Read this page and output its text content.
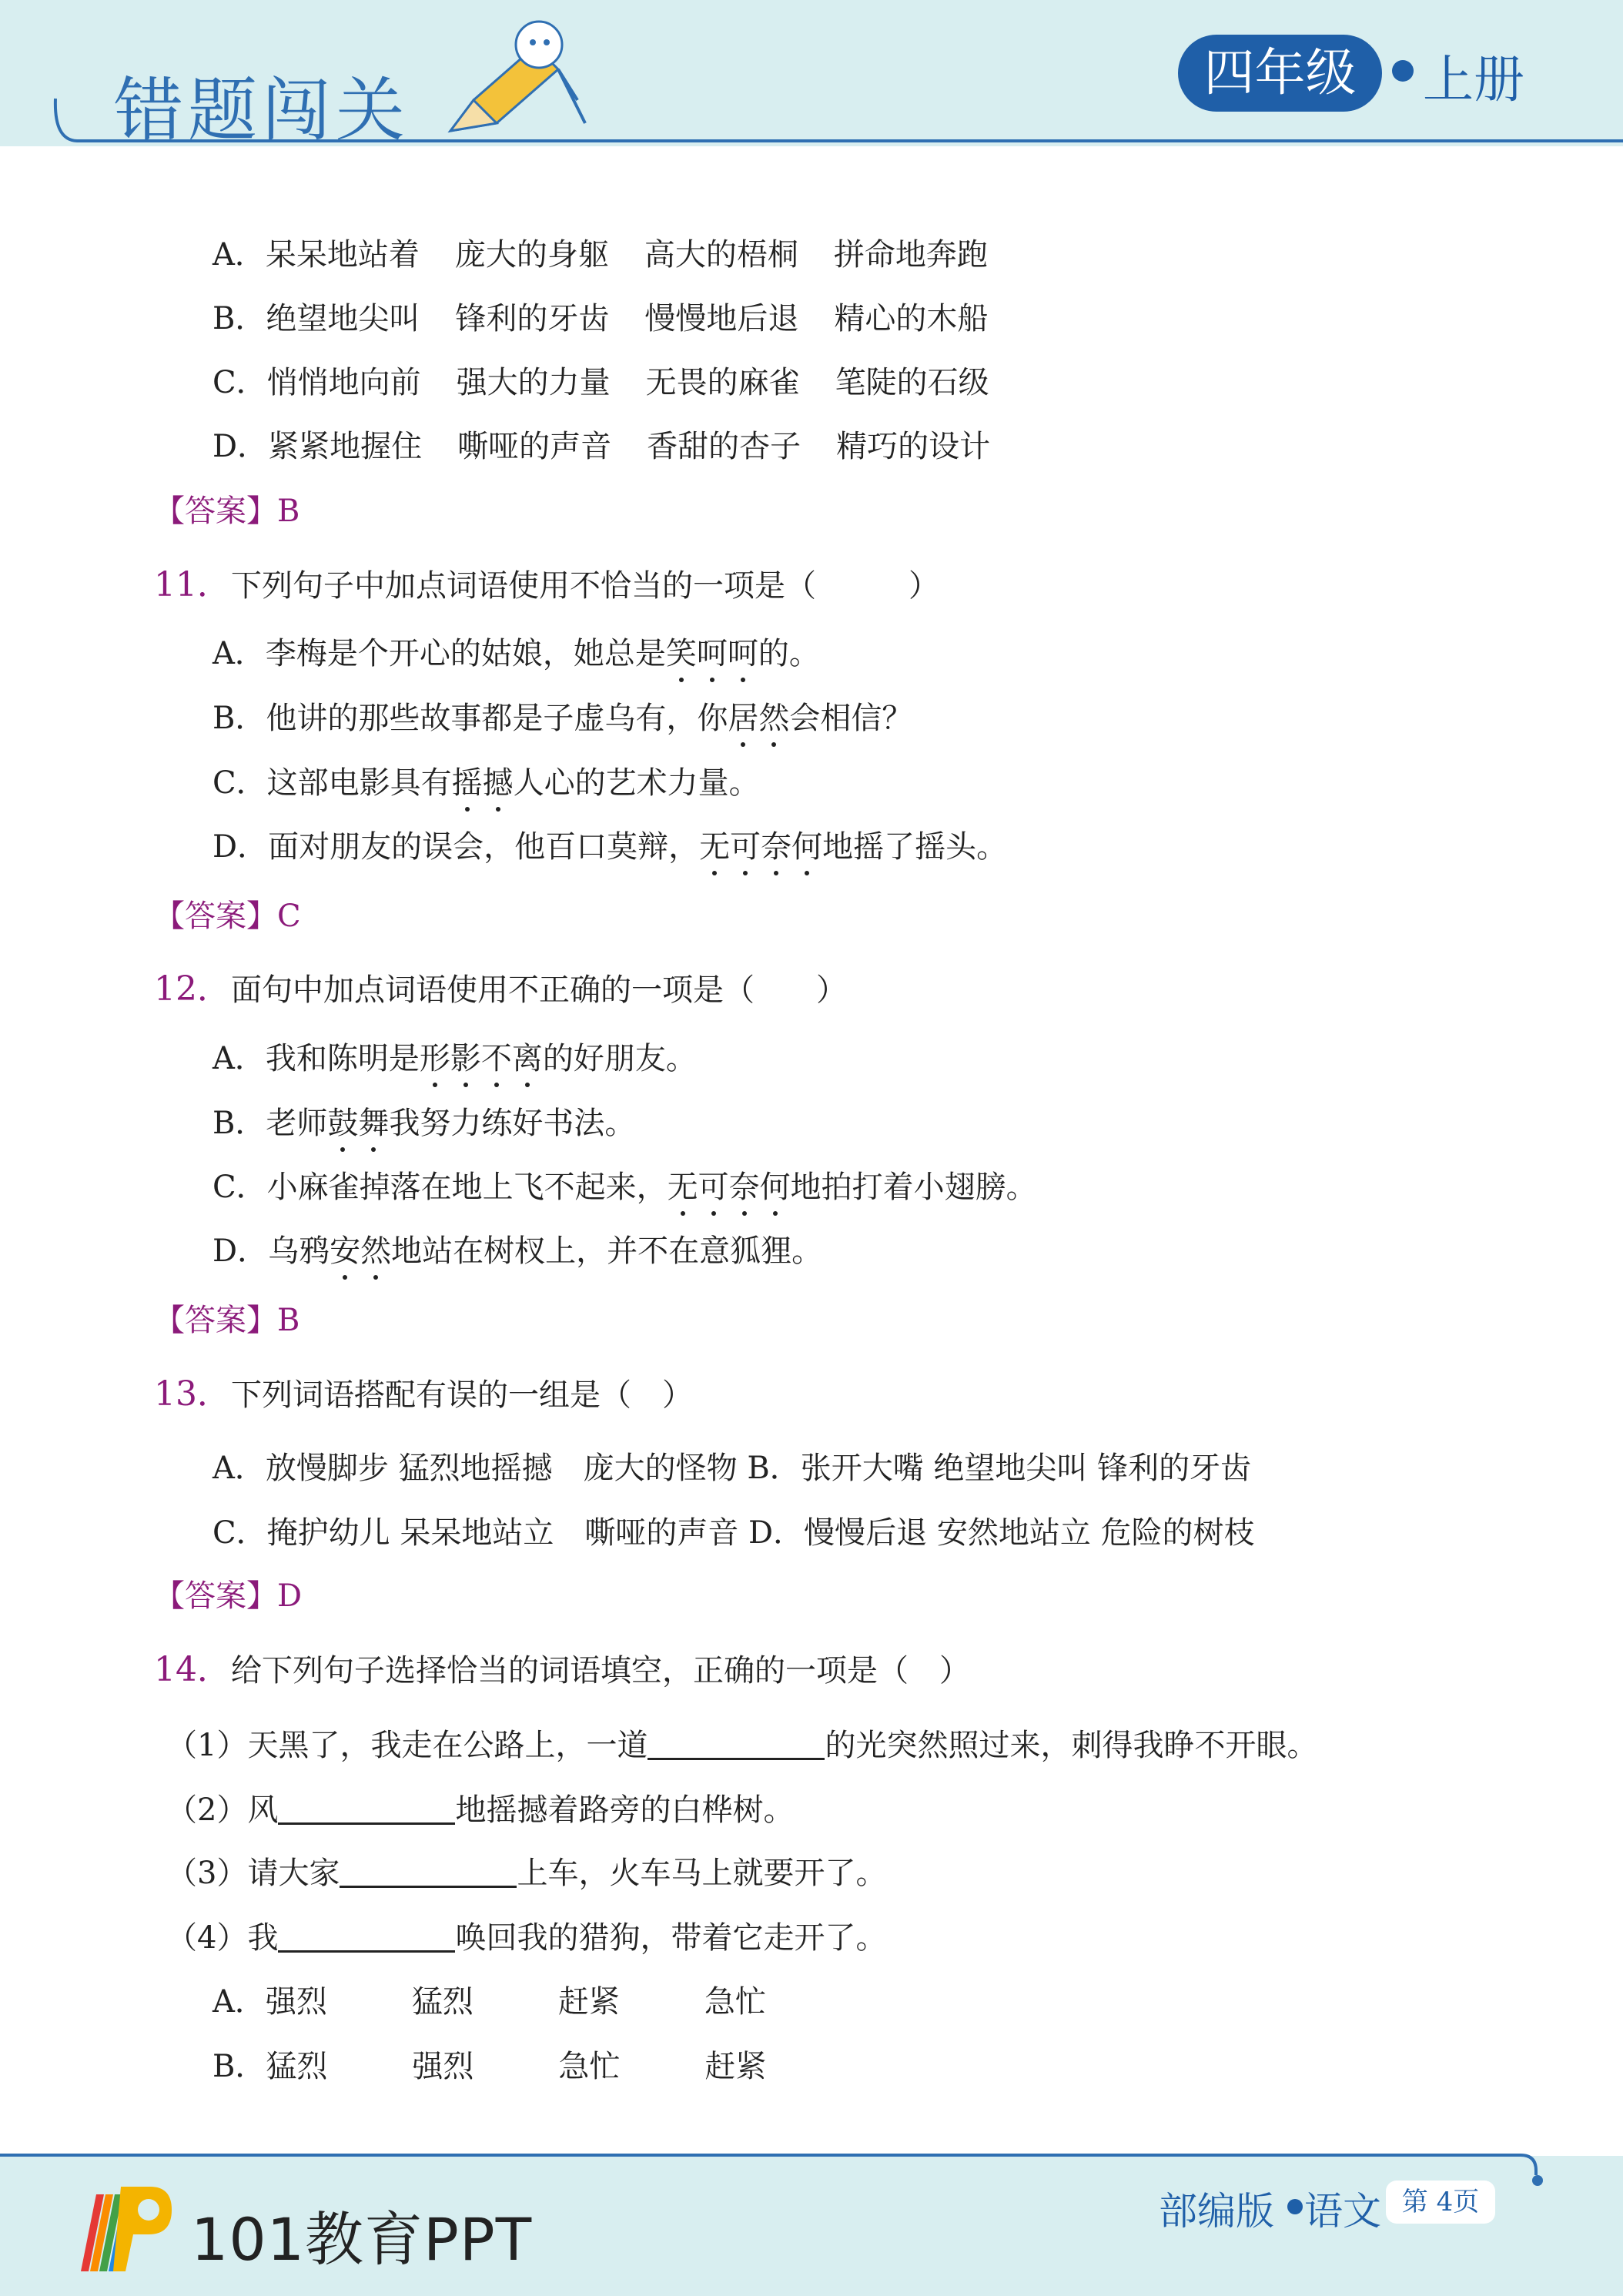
错题闯关	四年级	上册
A．呆呆地站着 庞大的身躯 高大的梧桐 拼命地奔跑
B．绝望地尖叫 锋利的牙齿 慢慢地后退 精心的木船
C．悄悄地向前 强大的力量 无畏的麻雀 笔陡的石级
D．紧紧地握住 嘶哑的声音 香甜的杏子 精巧的设计
【答案】B
11．下列句子中加点词语使用不恰当的一项是（　　　）
A．李梅是个开心的姑娘，她总是笑呵呵的。
B．他讲的那些故事都是子虚乌有，你居然会相信？
C．这部电影具有摇撼人心的艺术力量。
D．面对朋友的误会，他百口莫辩，无可奈何地摇了摇头。
【答案】C
12．面句中加点词语使用不正确的一项是（　　）
A．我和陈明是形影不离的好朋友。
B．老师鼓舞我努力练好书法。
C．小麻雀掉落在地上飞不起来，无可奈何地拍打着小翅膀。
D．乌鸦安然地站在树杈上，并不在意狐狸。
【答案】B
13．下列词语搭配有误的一组是（　）
A．放慢脚步 猛烈地摇撼　庞大的怪物 B．张开大嘴 绝望地尖叫 锋利的牙齿
C．掩护幼儿 呆呆地站立　嘶哑的声音 D．慢慢后退 安然地站立 危险的树枝
【答案】D
14．给下列句子选择恰当的词语填空，正确的一项是（　）
（1）天黑了，我走在公路上，一道	的光突然照过来，刺得我睁不开眼。
（2）风	地摇撼着路旁的白桦树。
（3）请大家	上车，火车马上就要开了。
（4）我	唤回我的猎狗，带着它走开了。
A．强烈	猛烈	赶紧	急忙
B．猛烈	强烈	急忙	赶紧
101教育PPT	部编版 语文 第 4页
